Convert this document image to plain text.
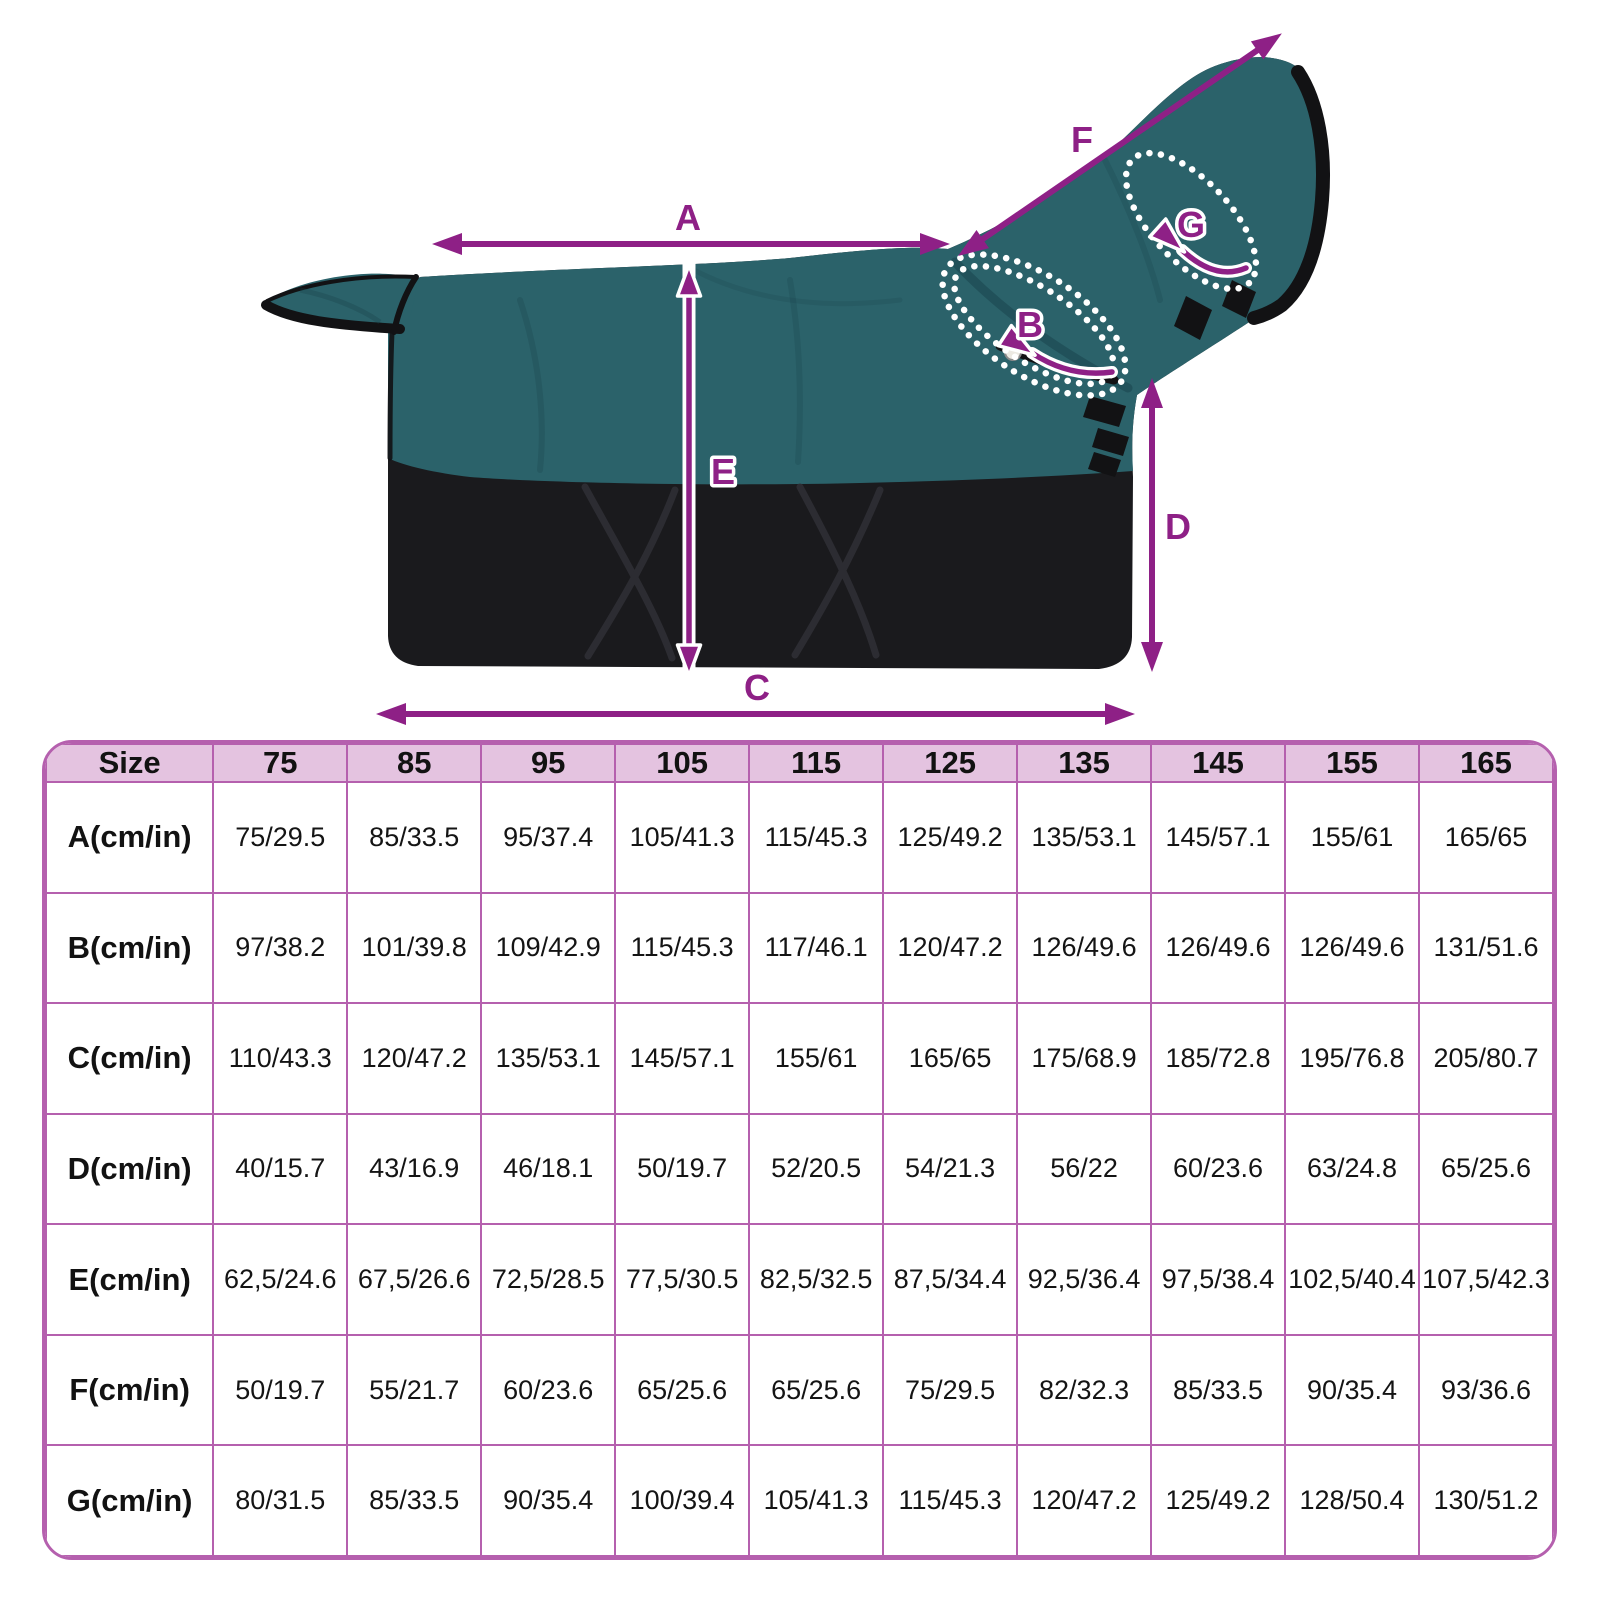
A
F
G
B
E
D
C
Size	75	85	95	105	115	125	135	145	155	165
A(cm/in)	75/29.5	85/33.5	95/37.4	105/41.3	115/45.3	125/49.2	135/53.1	145/57.1	155/61	165/65
B(cm/in)	97/38.2	101/39.8	109/42.9	115/45.3	117/46.1	120/47.2	126/49.6	126/49.6	126/49.6	131/51.6
C(cm/in)	110/43.3	120/47.2	135/53.1	145/57.1	155/61	165/65	175/68.9	185/72.8	195/76.8	205/80.7
D(cm/in)	40/15.7	43/16.9	46/18.1	50/19.7	52/20.5	54/21.3	56/22	60/23.6	63/24.8	65/25.6
E(cm/in)	62,5/24.6	67,5/26.6	72,5/28.5	77,5/30.5	82,5/32.5	87,5/34.4	92,5/36.4	97,5/38.4	102,5/40.4	107,5/42.3
F(cm/in)	50/19.7	55/21.7	60/23.6	65/25.6	65/25.6	75/29.5	82/32.3	85/33.5	90/35.4	93/36.6
G(cm/in)	80/31.5	85/33.5	90/35.4	100/39.4	105/41.3	115/45.3	120/47.2	125/49.2	128/50.4	130/51.2
